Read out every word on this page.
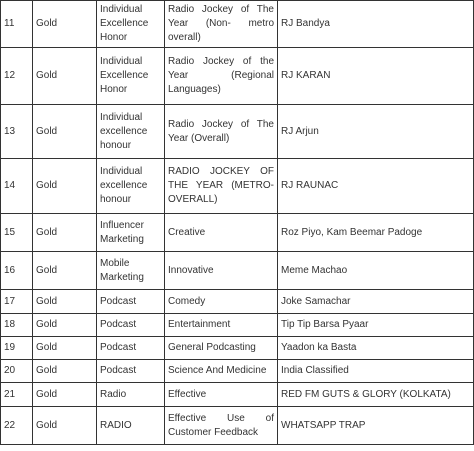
11	Gold	Individual Excellence Honor	Radio Jockey of The Year (Non- metro overall)	RJ Bandya
12	Gold	Individual Excellence Honor	Radio Jockey of the Year (Regional Languages)	RJ KARAN
13	Gold	Individual excellence honour	Radio Jockey of The Year (Overall)	RJ Arjun
14	Gold	Individual excellence honour	RADIO JOCKEY OF THE YEAR (METRO-OVERALL)	RJ RAUNAC
15	Gold	Influencer Marketing	Creative	Roz Piyo, Kam Beemar Padoge
16	Gold	Mobile Marketing	Innovative	Meme Machao
17	Gold	Podcast	Comedy	Joke Samachar
18	Gold	Podcast	Entertainment	Tip Tip Barsa Pyaar
19	Gold	Podcast	General Podcasting	Yaadon ka Basta
20	Gold	Podcast	Science And Medicine	India Classified
21	Gold	Radio	Effective	RED FM GUTS & GLORY (KOLKATA)
22	Gold	RADIO	Effective Use of Customer Feedback	WHATSAPP TRAP
